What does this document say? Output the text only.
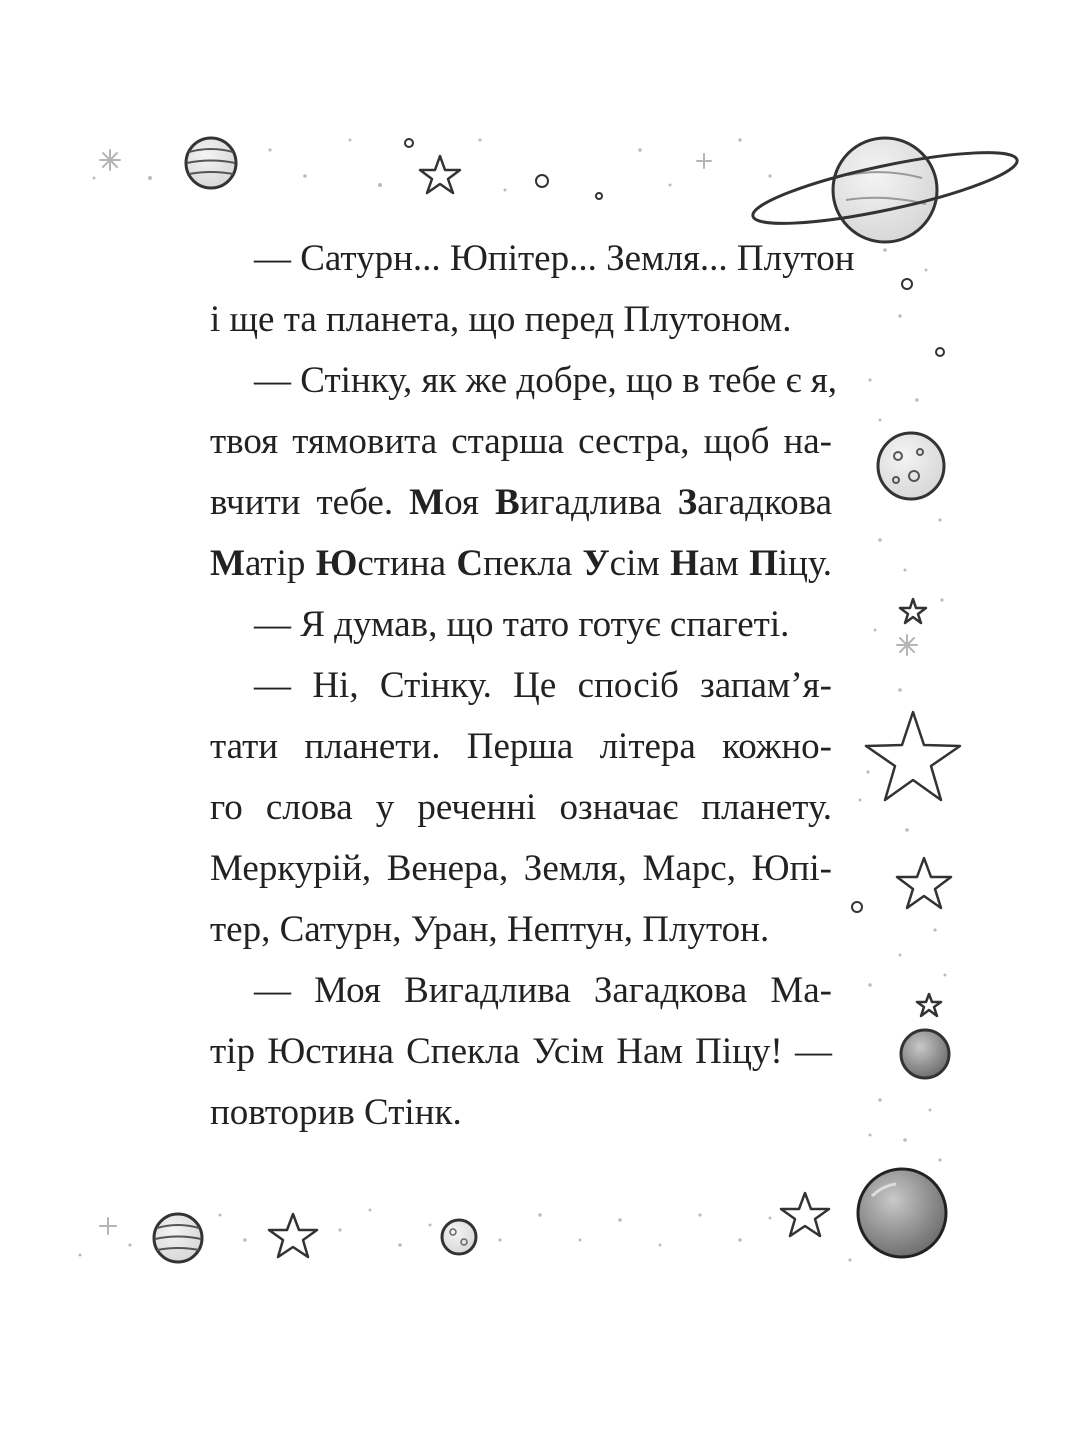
— Сатурн... Юпітер... Земля... Плутон
і ще та планета, що перед Плутоном.
— Стінку, як же добре, що в тебе є я,
твоя тямовита старша сестра, щоб на-
вчити тебе. Моя Вигадлива Загадкова
Матір Юстина Спекла Усім Нам Піцу.
— Я думав, що тато готує спагеті.
— Ні, Стінку. Це спосіб запам’я-
тати планети. Перша літера кожно-
го слова у реченні означає планету.
Меркурій, Венера, Земля, Марс, Юпі-
тер, Сатурн, Уран, Нептун, Плутон.
— Моя Вигадлива Загадкова Ма-
тір Юстина Спекла Усім Нам Піцу! —
повторив Стінк.
